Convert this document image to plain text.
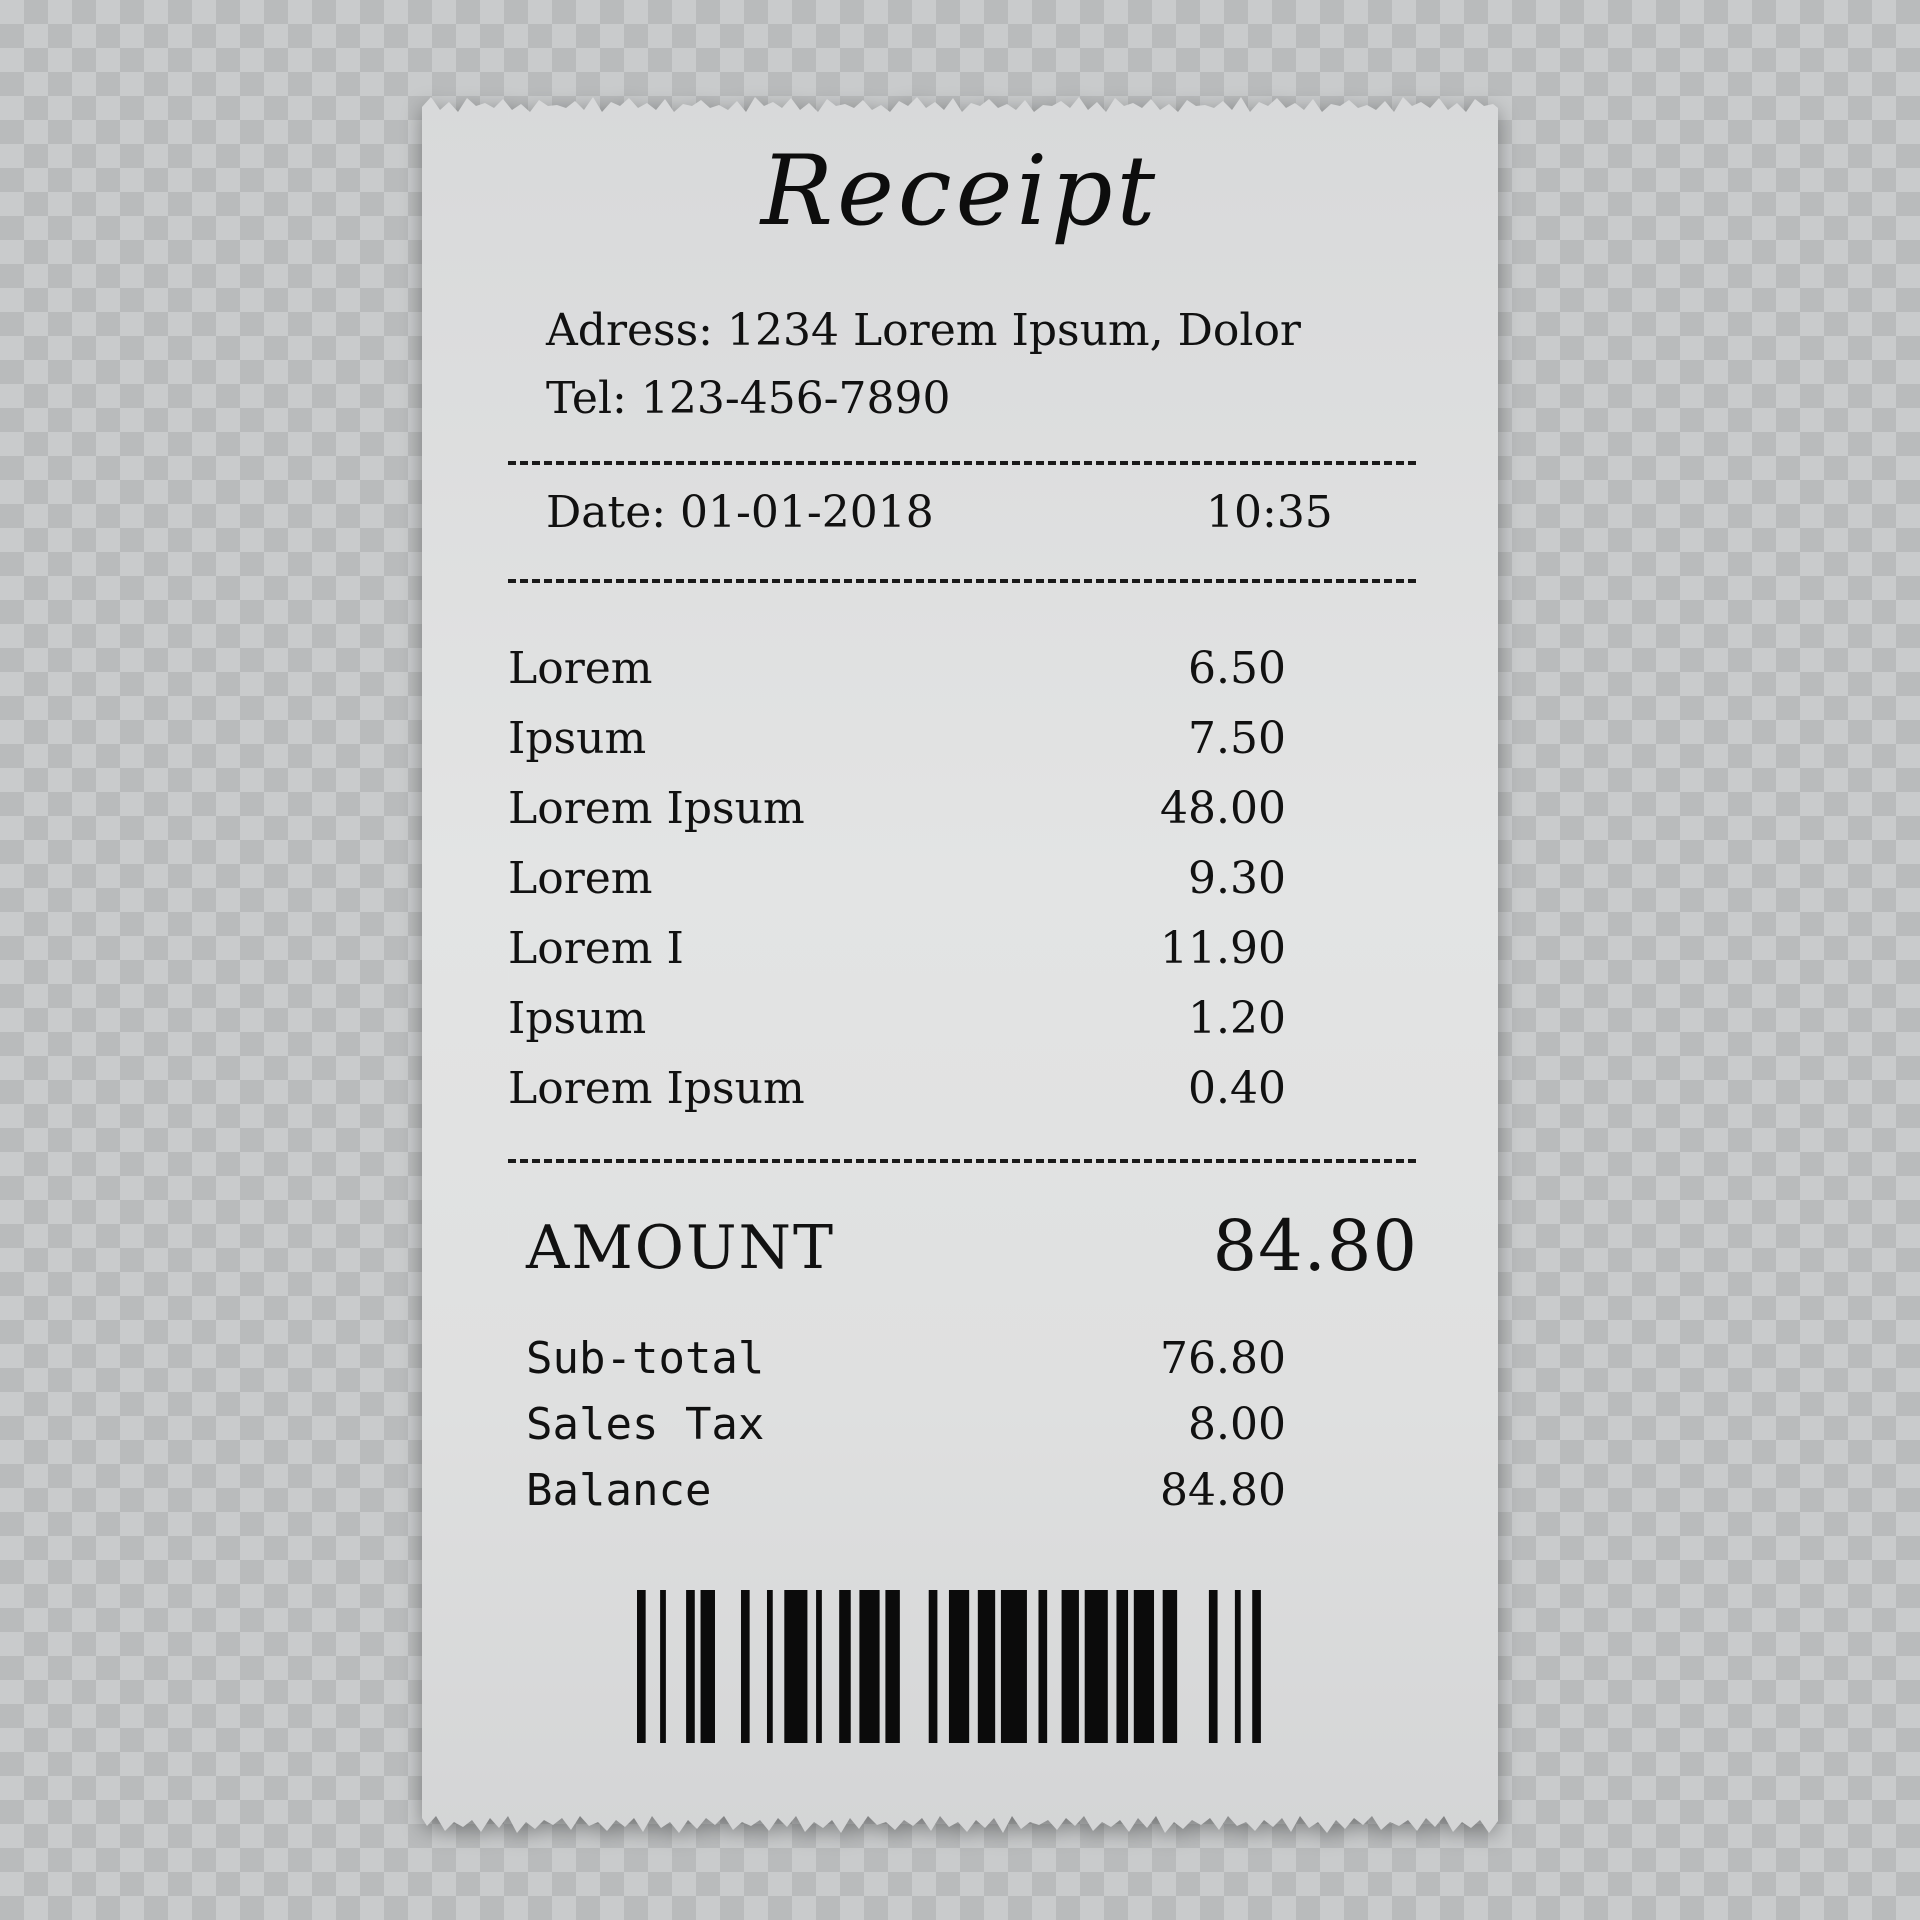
Receipt
Adress: 1234 Lorem Ipsum, Dolor
Tel: 123-456-7890
Date: 01-01-2018	10:35
Lorem	6.50
Ipsum	7.50
Lorem Ipsum	48.00
Lorem	9.30
Lorem I	11.90
Ipsum	1.20
Lorem Ipsum	0.40
AMOUNT	84.80
Sub-total	76.80
Sales Tax	8.00
Balance	84.80
